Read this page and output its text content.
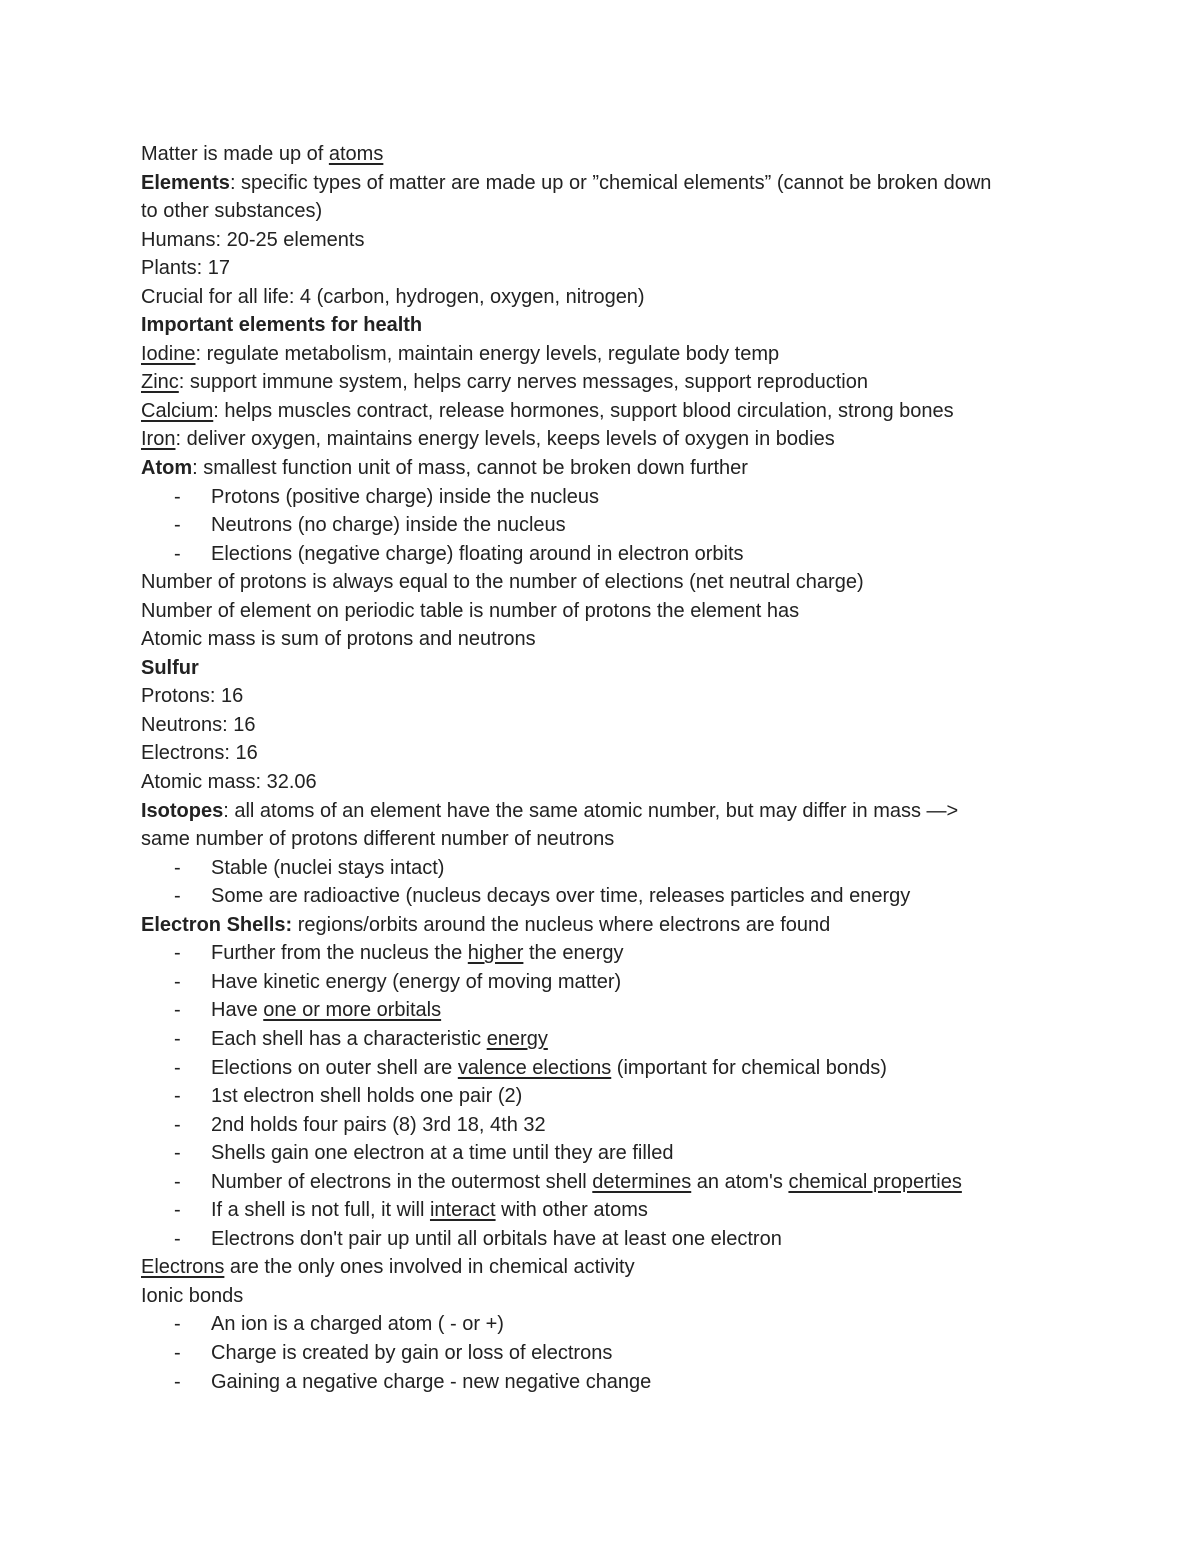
Matter is made up of atoms

Elements: specific types of matter are made up or ”chemical elements” (cannot be broken down

to other substances)

Humans: 20-25 elements

Plants: 17

Crucial for all life: 4 (carbon, hydrogen, oxygen, nitrogen)

Important elements for health

Iodine: regulate metabolism, maintain energy levels, regulate body temp

Zinc: support immune system, helps carry nerves messages, support reproduction

Calcium: helps muscles contract, release hormones, support blood circulation, strong bones

Iron: deliver oxygen, maintains energy levels, keeps levels of oxygen in bodies

Atom: smallest function unit of mass, cannot be broken down further

- Protons (positive charge) inside the nucleus
- Neutrons (no charge) inside the nucleus
- Elections (negative charge) floating around in electron orbits

Number of protons is always equal to the number of elections (net neutral charge)

Number of element on periodic table is number of protons the element has

Atomic mass is sum of protons and neutrons

Sulfur

Protons: 16

Neutrons: 16

Electrons: 16

Atomic mass: 32.06

Isotopes: all atoms of an element have the same atomic number, but may differ in mass —>

same number of protons different number of neutrons

- Stable (nuclei stays intact)
- Some are radioactive (nucleus decays over time, releases particles and energy

Electron Shells: regions/orbits around the nucleus where electrons are found

- Further from the nucleus the higher the energy
- Have kinetic energy (energy of moving matter)
- Have one or more orbitals
- Each shell has a characteristic energy
- Elections on outer shell are valence elections (important for chemical bonds)
- 1st electron shell holds one pair (2)
- 2nd holds four pairs (8) 3rd 18, 4th 32
- Shells gain one electron at a time until they are filled
- Number of electrons in the outermost shell determines an atom's chemical properties
- If a shell is not full, it will interact with other atoms
- Electrons don't pair up until all orbitals have at least one electron

Electrons are the only ones involved in chemical activity

Ionic bonds

- An ion is a charged atom ( - or +)
- Charge is created by gain or loss of electrons
- Gaining a negative charge - new negative change
